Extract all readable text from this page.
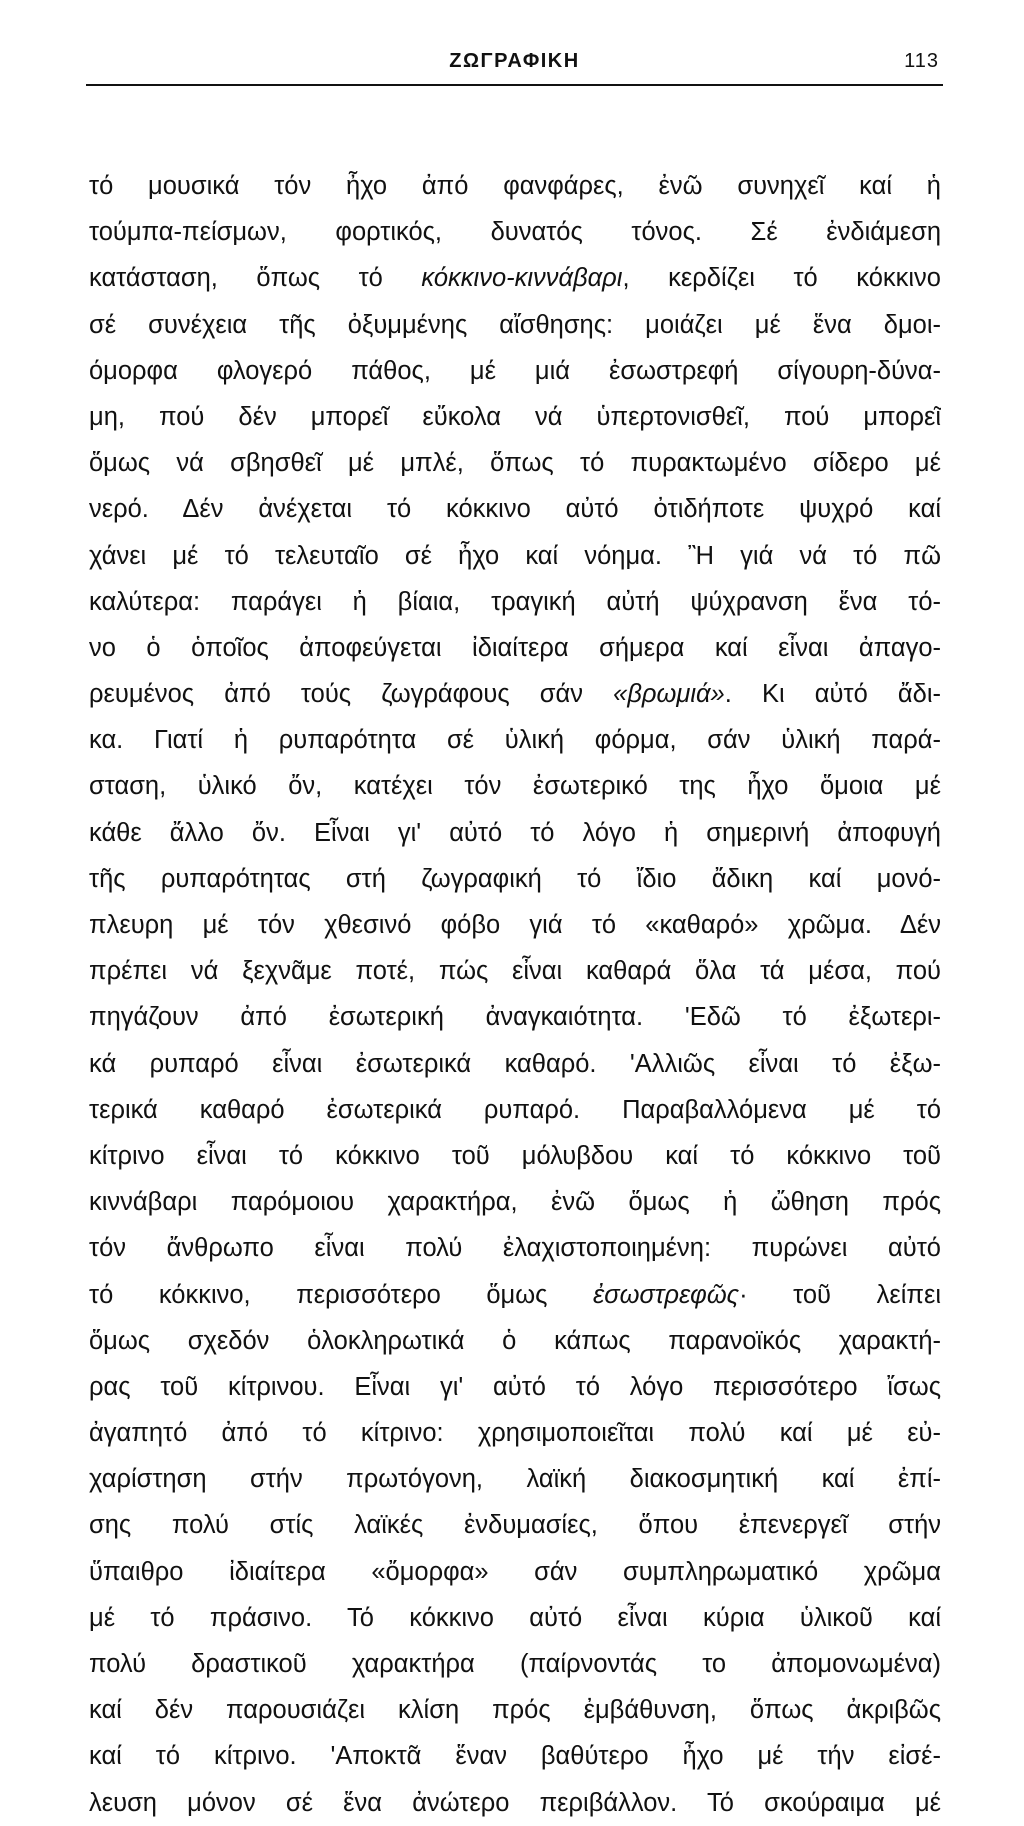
ΖΩΓΡΑΦΙΚΗ	113
τό μουσικά τόν ἦχο ἀπό φανφάρες, ἐνῶ συνηχεῖ καί ἡ
τούμπα-πείσμων, φορτικός, δυνατός τόνος. Σέ ἐνδιάμεση
κατάσταση, ὅπως τό κόκκινο-κιννάβαρι, κερδίζει τό κόκκινο
σέ συνέχεια τῆς ὀξυμμένης αἴσθησης: μοιάζει μέ ἕνα δμοι-
όμορφα φλογερό πάθος, μέ μιά ἐσωστρεφή σίγουρη-δύνα-
μη, πού δέν μπορεῖ εὔκολα νά ὑπερτονισθεῖ, πού μπορεῖ
ὅμως νά σβησθεῖ μέ μπλέ, ὅπως τό πυρακτωμένο σίδερο μέ
νερό. Δέν ἀνέχεται τό κόκκινο αὐτό ὀτιδήποτε ψυχρό καί
χάνει μέ τό τελευταῖο σέ ἦχο καί νόημα. Ἢ γιά νά τό πῶ
καλύτερα: παράγει ἡ βίαια, τραγική αὐτή ψύχρανση ἕνα τό-
νο ὁ ὁποῖος ἀποφεύγεται ἰδιαίτερα σήμερα καί εἶναι ἀπαγο-
ρευμένος ἀπό τούς ζωγράφους σάν «βρωμιά». Κι αὐτό ἄδι-
κα. Γιατί ἡ ρυπαρότητα σέ ὑλική φόρμα, σάν ὑλική παρά-
σταση, ὑλικό ὄν, κατέχει τόν ἐσωτερικό της ἦχο ὅμοια μέ
κάθε ἄλλο ὄν. Εἶναι γι' αὐτό τό λόγο ἡ σημερινή ἀποφυγή
τῆς ρυπαρότητας στή ζωγραφική τό ἴδιο ἄδικη καί μονό-
πλευρη μέ τόν χθεσινό φόβο γιά τό «καθαρό» χρῶμα. Δέν
πρέπει νά ξεχνᾶμε ποτέ, πώς εἶναι καθαρά ὅλα τά μέσα, πού
πηγάζουν ἀπό ἐσωτερική ἀναγκαιότητα. 'Εδῶ τό ἐξωτερι-
κά ρυπαρό εἶναι ἐσωτερικά καθαρό. 'Αλλιῶς εἶναι τό ἐξω-
τερικά καθαρό ἐσωτερικά ρυπαρό. Παραβαλλόμενα μέ τό
κίτρινο εἶναι τό κόκκινο τοῦ μόλυβδου καί τό κόκκινο τοῦ
κιννάβαρι παρόμοιου χαρακτήρα, ἐνῶ ὅμως ἡ ὤθηση πρός
τόν ἄνθρωπο εἶναι πολύ ἐλαχιστοποιημένη: πυρώνει αὐτό
τό κόκκινο, περισσότερο ὅμως ἐσωστρεφῶς· τοῦ λείπει
ὅμως σχεδόν ὁλοκληρωτικά ὁ κάπως παρανοϊκός χαρακτή-
ρας τοῦ κίτρινου. Εἶναι γι' αὐτό τό λόγο περισσότερο ἴσως
ἀγαπητό ἀπό τό κίτρινο: χρησιμοποιεῖται πολύ καί μέ εὐ-
χαρίστηση στήν πρωτόγονη, λαϊκή διακοσμητική καί ἐπί-
σης πολύ στίς λαϊκές ἐνδυμασίες, ὅπου ἐπενεργεῖ στήν
ὕπαιθρο ἰδιαίτερα «ὄμορφα» σάν συμπληρωματικό χρῶμα
μέ τό πράσινο. Τό κόκκινο αὐτό εἶναι κύρια ὑλικοῦ καί
πολύ δραστικοῦ χαρακτήρα (παίρνοντάς το ἀπομονωμένα)
καί δέν παρουσιάζει κλίση πρός ἐμβάθυνση, ὅπως ἀκριβῶς
καί τό κίτρινο. 'Αποκτᾶ ἕναν βαθύτερο ἦχο μέ τήν εἰσέ-
λευση μόνον σέ ἕνα ἀνώτερο περιβάλλον. Τό σκούραιμα μέ
